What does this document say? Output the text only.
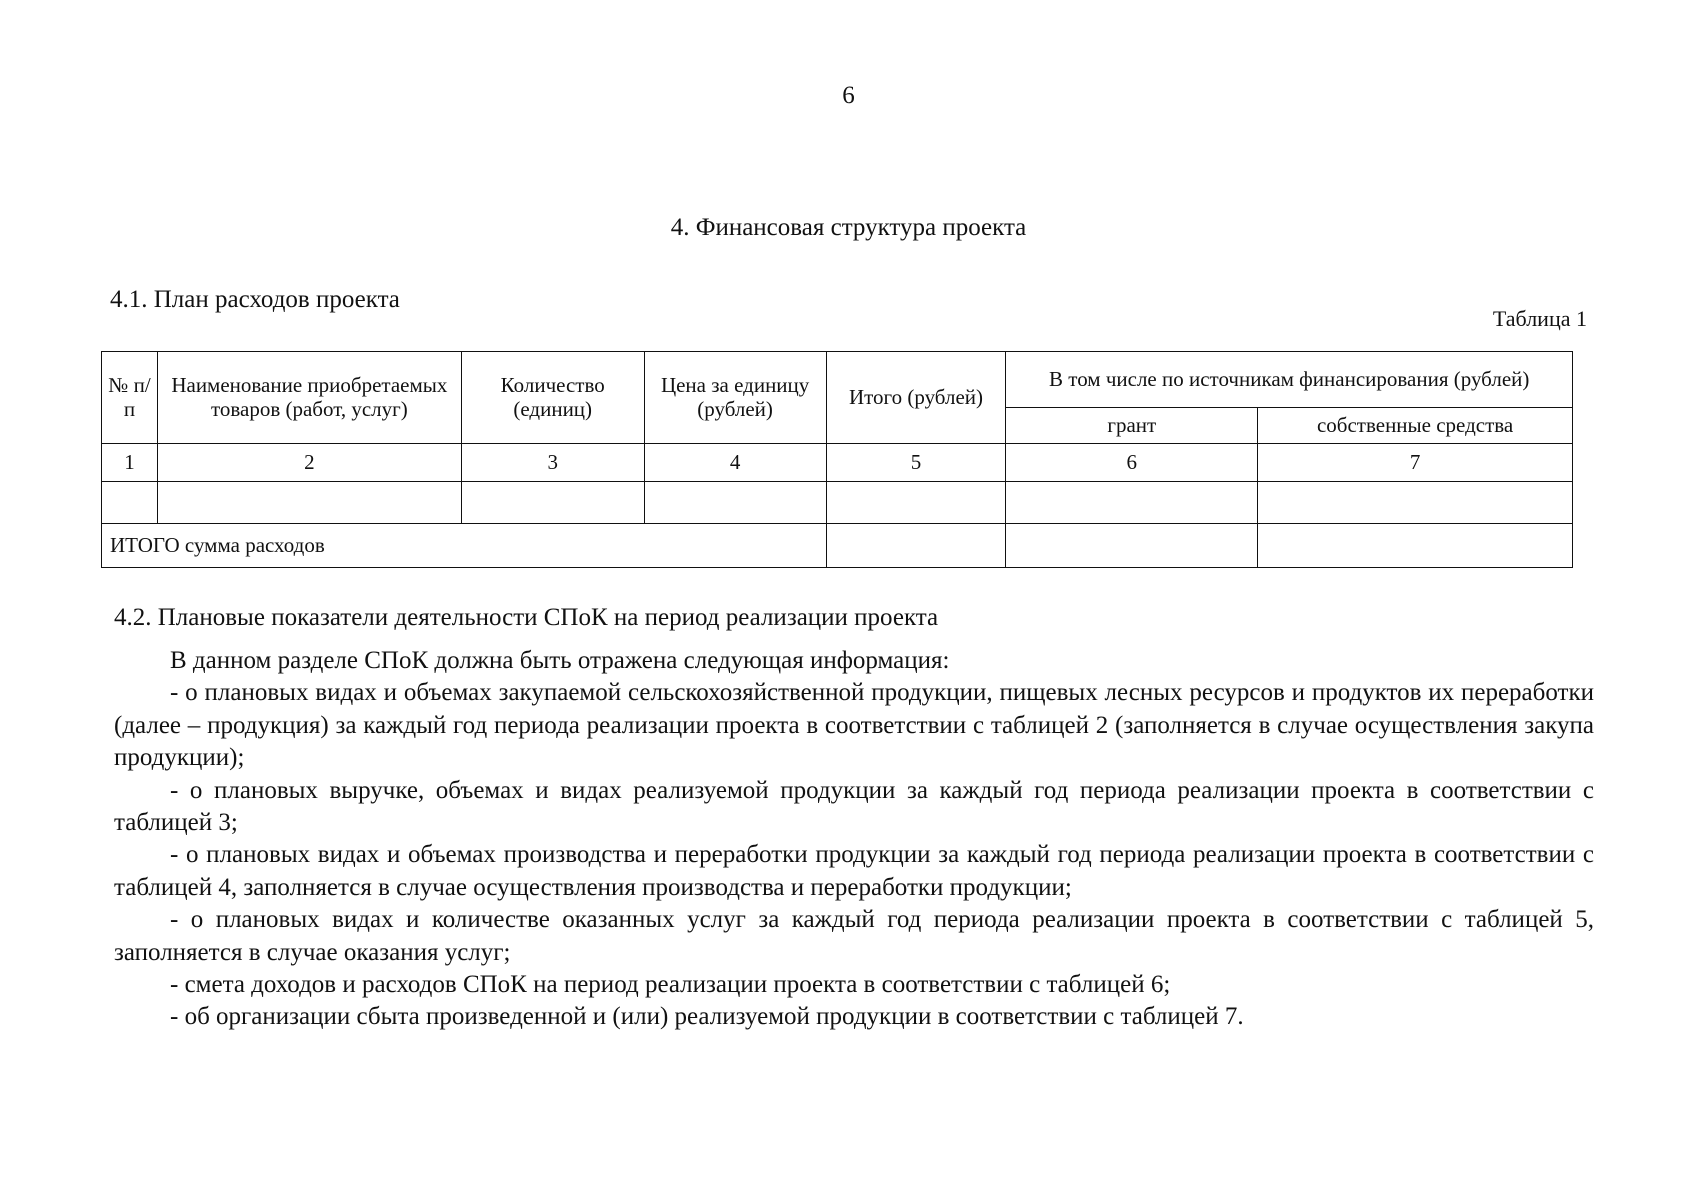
6
4. Финансовая структура проекта
4.1. План расходов проекта
Таблица 1
№ п/п	Наименование приобретаемых товаров (работ, услуг)	Количество (единиц)	Цена за единицу (рублей)	Итого (рублей)	В том числе по источникам финансирования (рублей)	
					грант	собственные средства
1	2	3	4	5	6	7

ИТОГО сумма расходов						
4.2. Плановые показатели деятельности СПоК на период реализации проекта

В данном разделе СПоК должна быть отражена следующая информация:

- о плановых видах и объемах закупаемой сельскохозяйственной продукции, пищевых лесных ресурсов и продуктов их переработки (далее – продукция) за каждый год периода реализации проекта в соответствии с таблицей 2 (заполняется в случае осуществления закупа продукции);

- о плановых выручке, объемах и видах реализуемой продукции за каждый год периода реализации проекта в соответствии с таблицей 3;

- о плановых видах и объемах производства и переработки продукции за каждый год периода реализации проекта в соответствии с таблицей 4, заполняется в случае осуществления производства и переработки продукции;

- о плановых видах и количестве оказанных услуг за каждый год периода реализации проекта в соответствии с таблицей 5, заполняется в случае оказания услуг;

- смета доходов и расходов СПоК на период реализации проекта в соответствии с таблицей 6;

- об организации сбыта произведенной и (или) реализуемой продукции в соответствии с таблицей 7.
